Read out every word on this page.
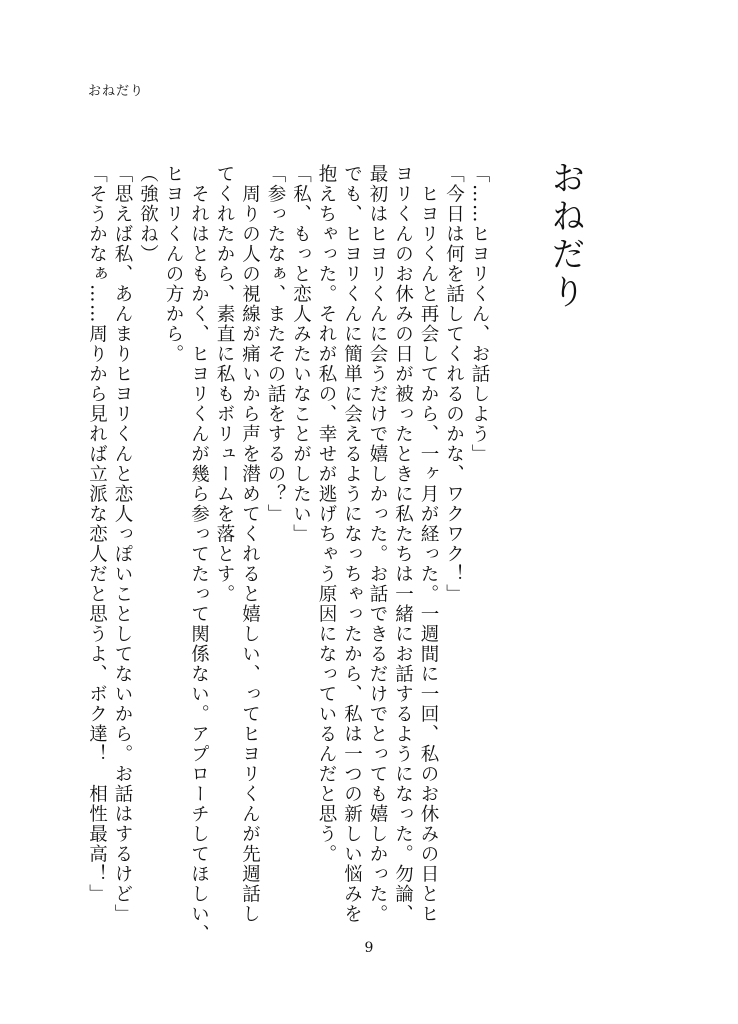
おねだり
おねだり
「……ヒヨリくん、お話しよう」
「今日は何を話してくれるのかな、ワクワク！」
　ヒヨリくんと再会してから、一ヶ月が経った。一週間に一回、私のお休みの日とヒ
ヨリくんのお休みの日が被ったときに私たちは一緒にお話するようになった。勿論、
最初はヒヨリくんに会うだけで嬉しかった。お話できるだけでとっても嬉しかった。
でも、ヒヨリくんに簡単に会えるようになっちゃったから、私は一つの新しい悩みを
抱えちゃった。それが私の、幸せが逃げちゃう原因になっているんだと思う。
「私、もっと恋人みたいなことがしたい」
「参ったなぁ、またその話をするの？」
　周りの人の視線が痛いから声を潜めてくれると嬉しい、ってヒヨリくんが先週話し
てくれたから、素直に私もボリュームを落とす。
　それはともかく、ヒヨリくんが幾ら参ってたって関係ない。アプローチしてほしい、
ヒヨリくんの方から。
（強欲ね）
「思えば私、あんまりヒヨリくんと恋人っぽいことしてないから。お話はするけど」
「そうかなぁ……周りから見れば立派な恋人だと思うよ、ボク達！　相性最高！」
9
